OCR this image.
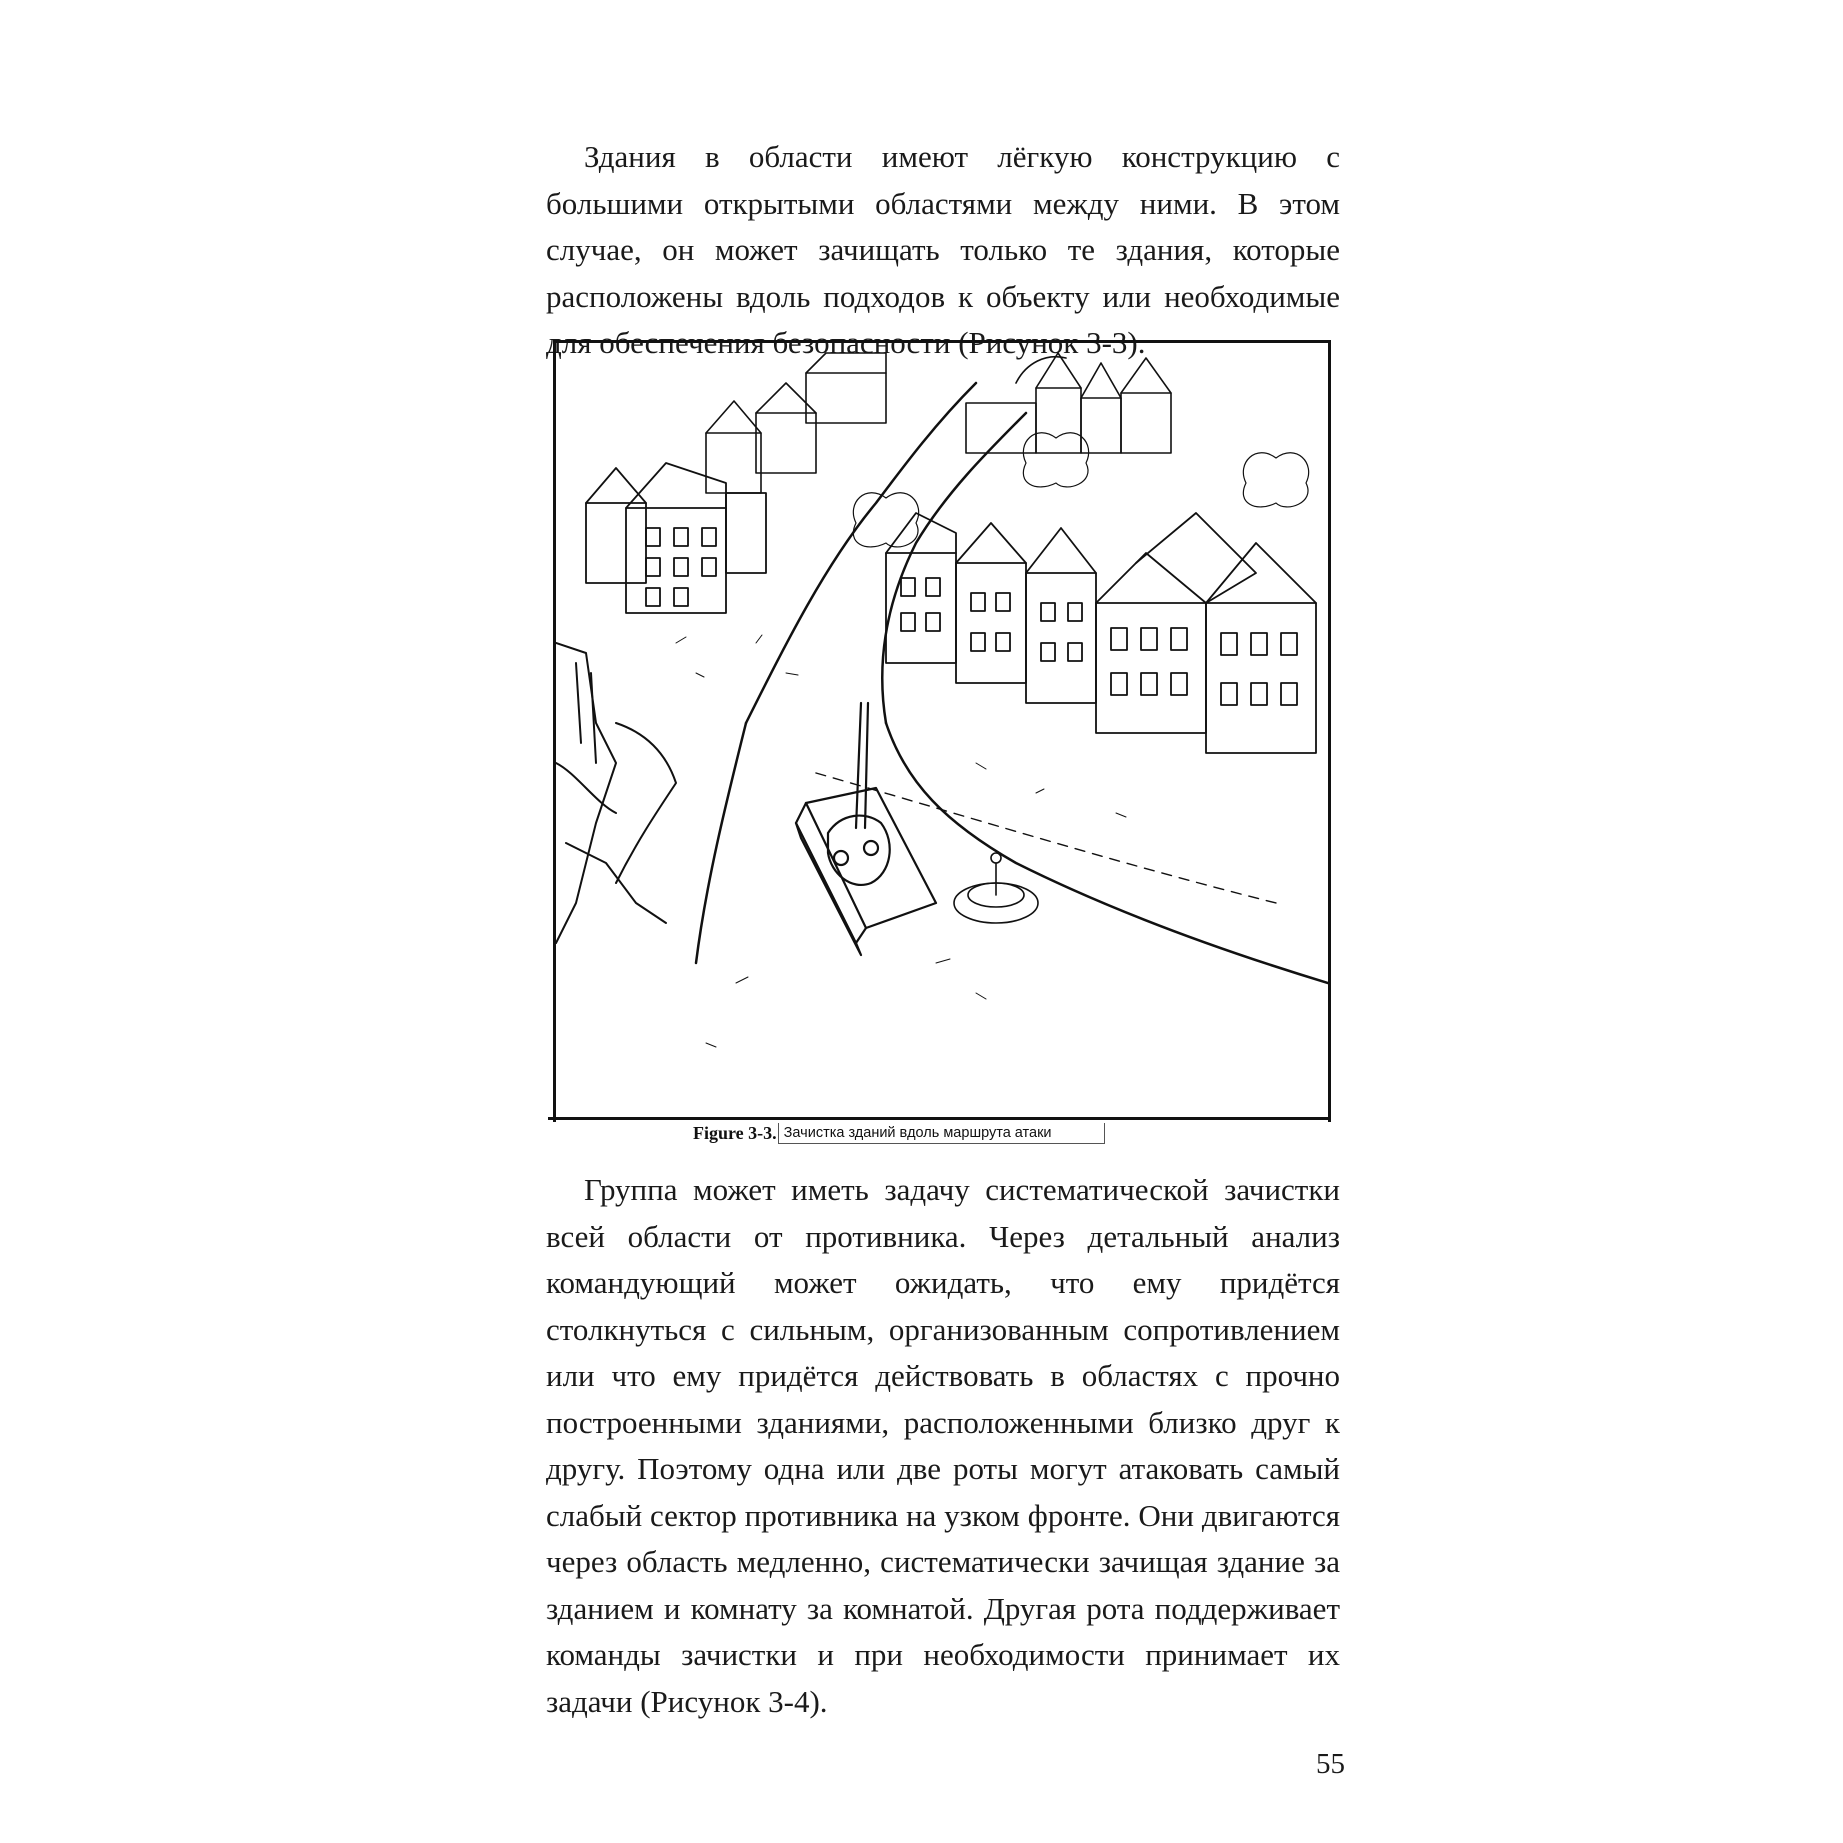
Здания в области имеют лёгкую конструкцию с большими открытыми областями между ними. В этом случае, он может зачищать только те здания, которые расположены вдоль подходов к объекту или необходимые для обеспечения безопасности (Рисунок 3-3).

Figure 3-3. Зачистка зданий вдоль маршрута атаки

Группа может иметь задачу систематической зачистки всей области от противника. Через детальный анализ командующий может ожидать, что ему придётся столкнуться с сильным, организованным сопротивлением или что ему придётся действовать в областях с прочно построенными зданиями, расположенными близко друг к другу. Поэтому одна или две роты могут атаковать самый слабый сектор противника на узком фронте. Они двигаются через область медленно, систематически зачищая здание за зданием и комнату за комнатой. Другая рота поддерживает команды зачистки и при необходимости принимает их задачи (Рисунок 3-4).

55
